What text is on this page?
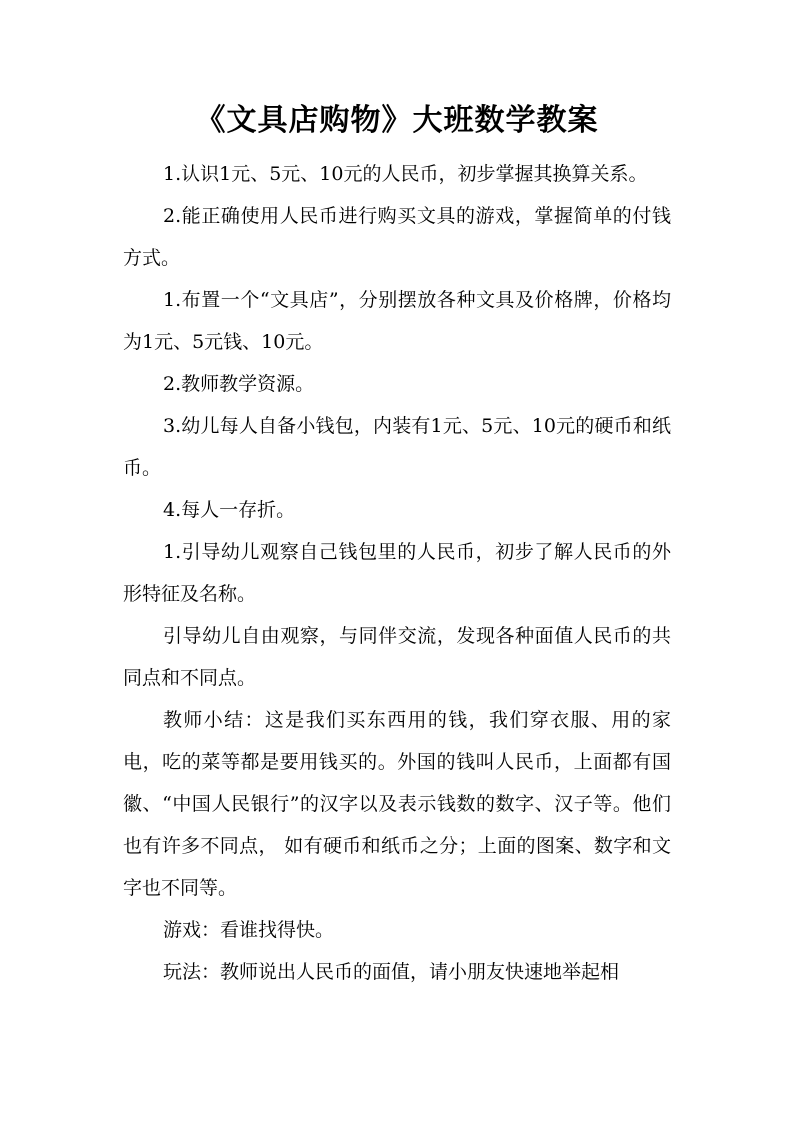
《文具店购物》大班数学教案

1.认识1元、5元、10元的人民币，初步掌握其换算关系。

2.能正确使用人民币进行购买文具的游戏，掌握简单的付钱方式。

1.布置一个“文具店”，分别摆放各种文具及价格牌，价格均为1元、5元钱、10元。

2.教师教学资源。

3.幼儿每人自备小钱包，内装有1元、5元、10元的硬币和纸币。

4.每人一存折。

1.引导幼儿观察自己钱包里的人民币，初步了解人民币的外形特征及名称。

引导幼儿自由观察，与同伴交流，发现各种面值人民币的共同点和不同点。

教师小结：这是我们买东西用的钱，我们穿衣服、用的家电，吃的菜等都是要用钱买的。外国的钱叫人民币，上面都有国徽、“中国人民银行”的汉字以及表示钱数的数字、汉子等。他们也有许多不同点， 如有硬币和纸币之分；上面的图案、数字和文字也不同等。

游戏：看谁找得快。

玩法：教师说出人民币的面值，请小朋友快速地举起相
